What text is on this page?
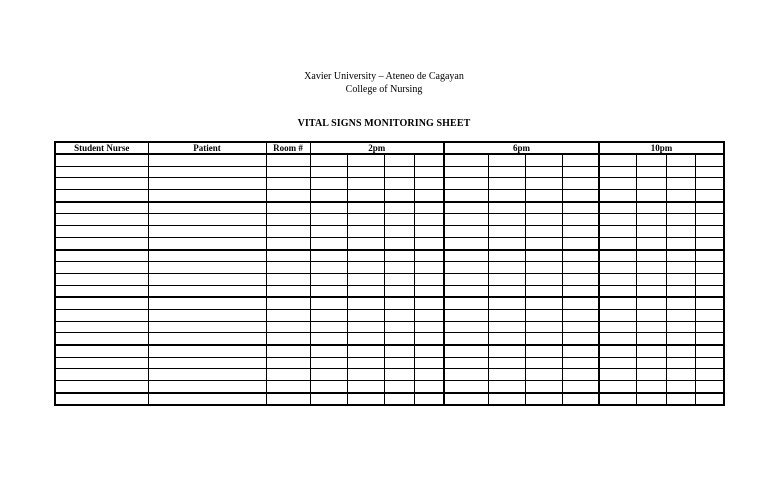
Xavier University – Ateneo de Cagayan
College of Nursing
VITAL SIGNS MONITORING SHEET
Student Nurse	Patient	Room #	2pm				6pm				10pm			
